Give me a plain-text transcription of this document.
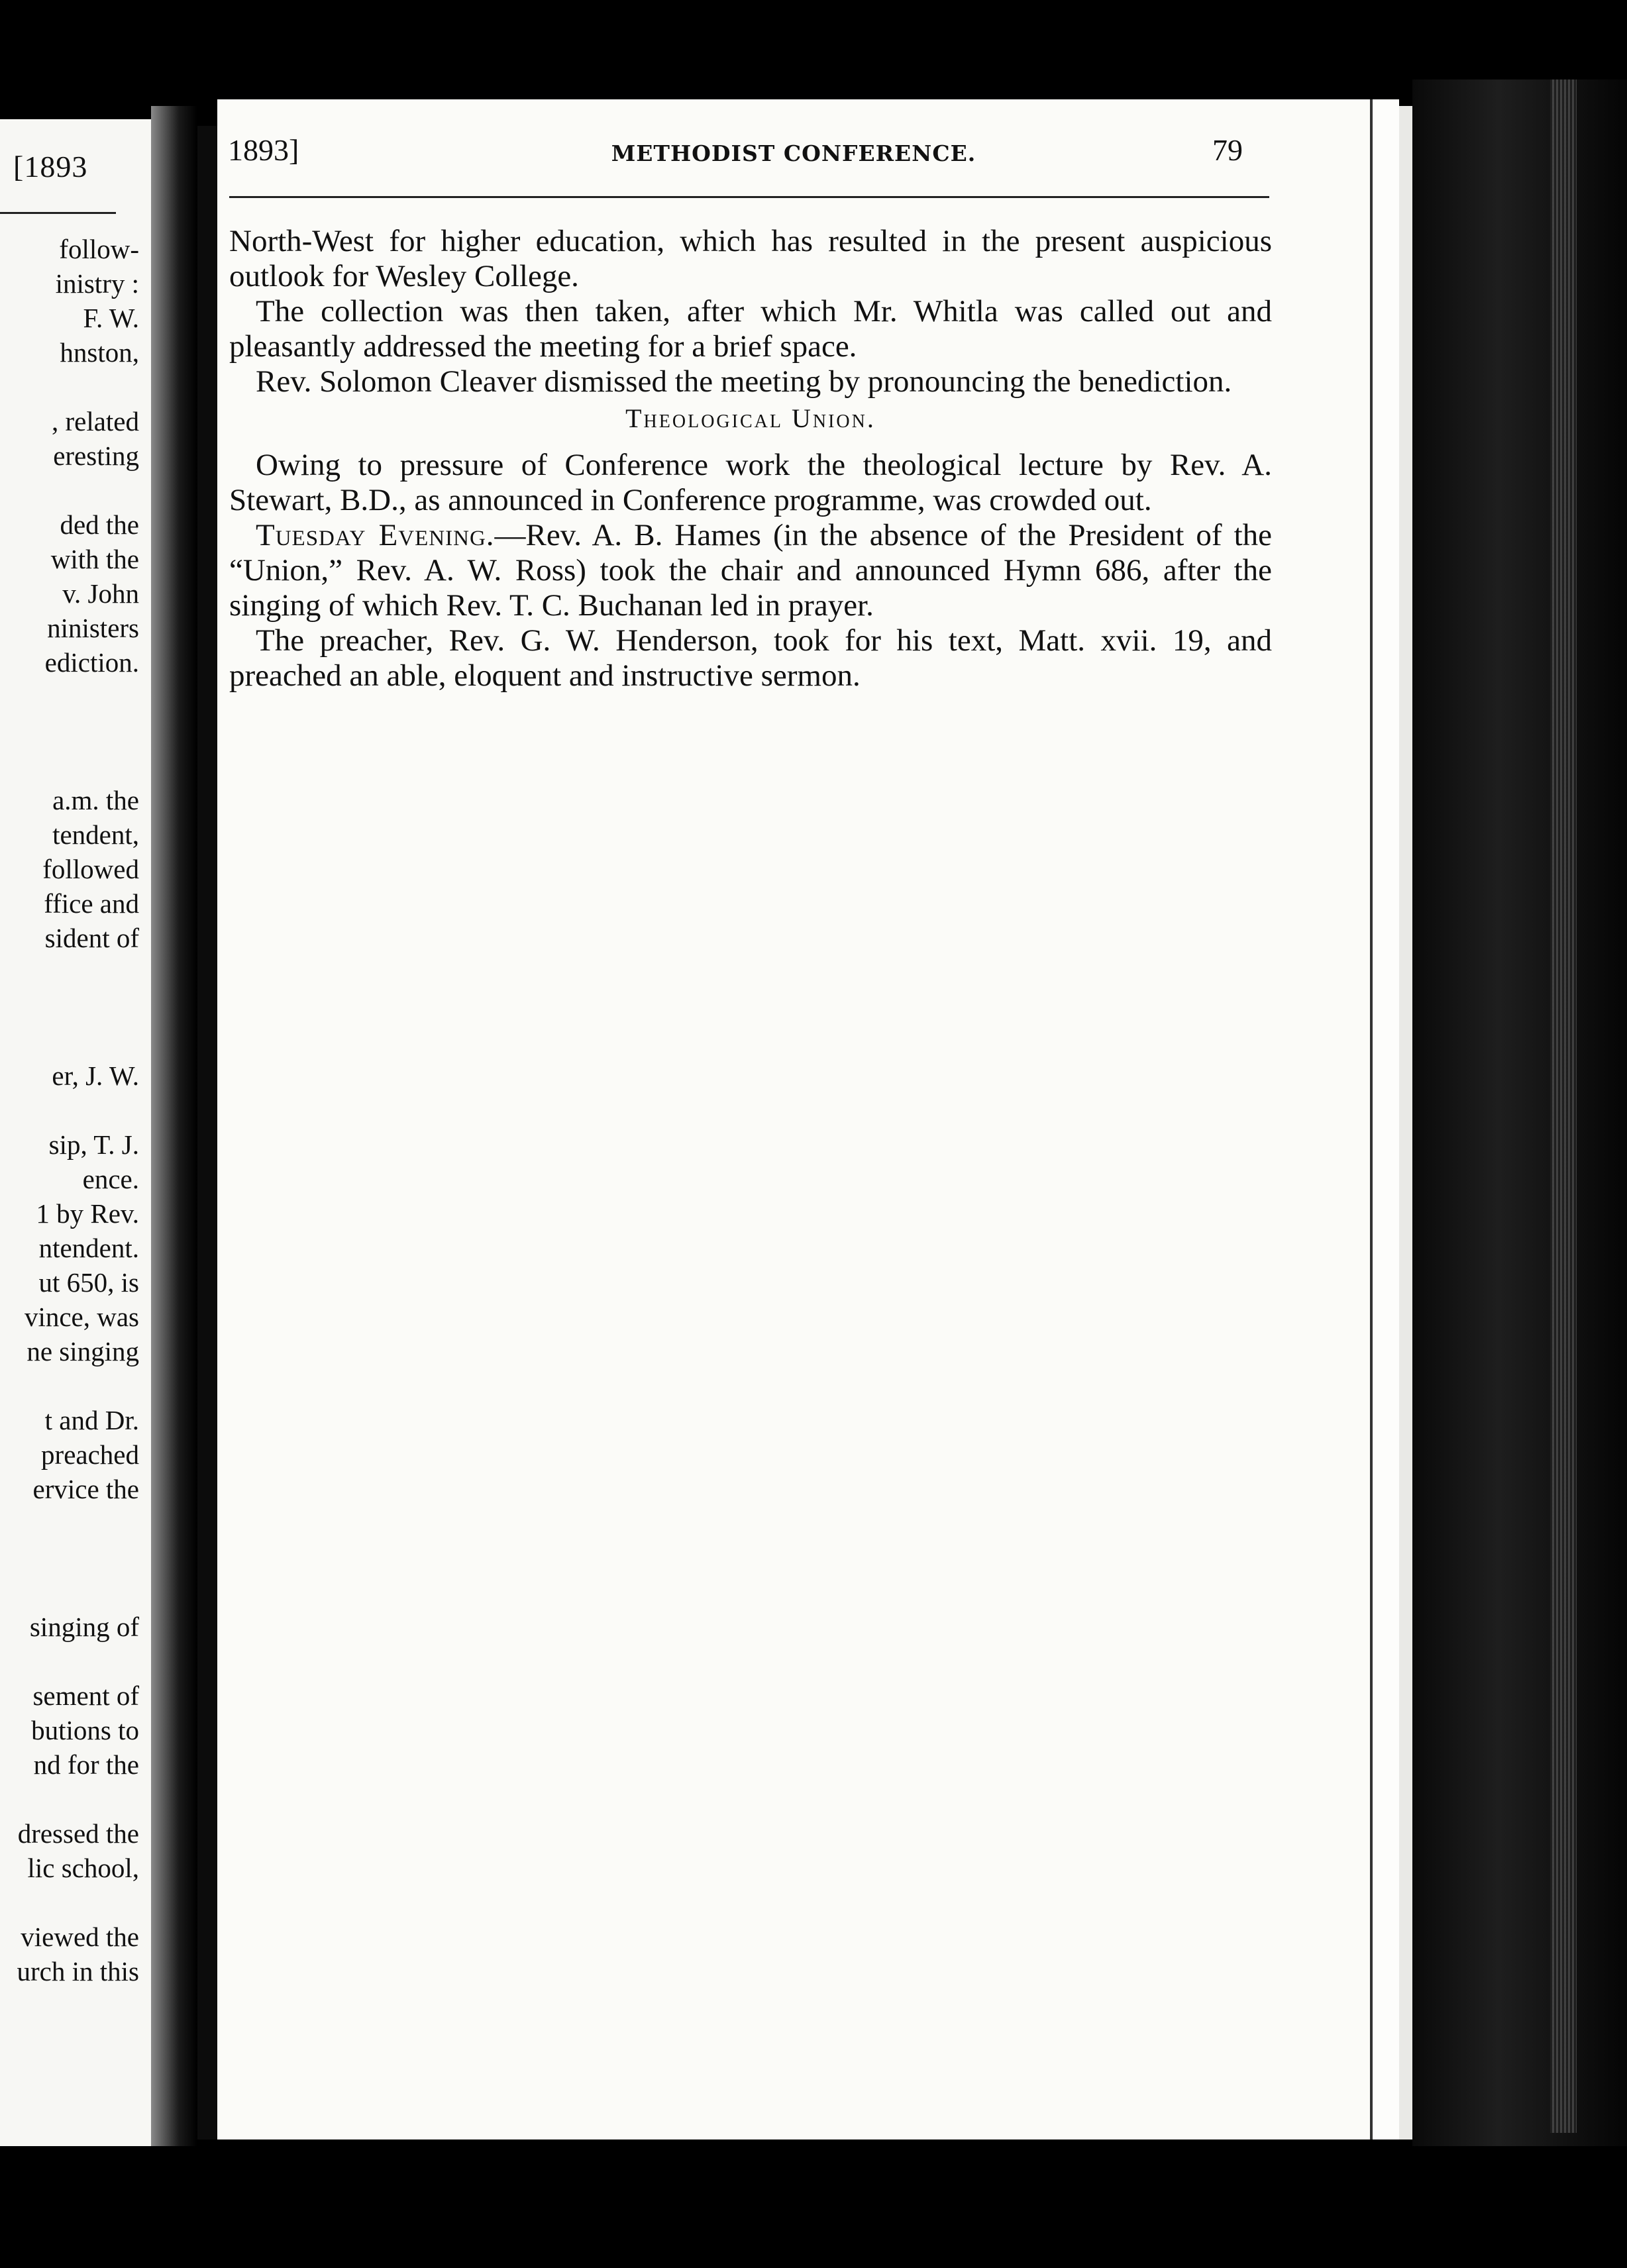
[1893
follow-
inistry :
F. W.
hnston,
, related
eresting
ded the
with the
v. John
ninisters
ediction.
a.m. the
tendent,
followed
ffice and
sident of
er, J. W.
sip, T. J.
ence.
1 by Rev.
ntendent.
ut 650, is
vince, was
ne singing
t and Dr.
preached
ervice the
singing of
sement of
butions to
nd for the
dressed the
lic school,
viewed the
urch in this
1893]	METHODIST CONFERENCE.	79

North-West for higher education, which has resulted in the present auspicious outlook for Wesley College.

The collection was then taken, after which Mr. Whitla was called out and pleasantly addressed the meeting for a brief space.

Rev. Solomon Cleaver dismissed the meeting by pronouncing the benediction.

Theological Union.

Owing to pressure of Conference work the theological lecture by Rev. A. Stewart, B.D., as announced in Conference programme, was crowded out.

Tuesday Evening.—Rev. A. B. Hames (in the absence of the President of the “Union,” Rev. A. W. Ross) took the chair and announced Hymn 686, after the singing of which Rev. T. C. Buchanan led in prayer.

The preacher, Rev. G. W. Henderson, took for his text, Matt. xvii. 19, and preached an able, eloquent and instructive sermon.
